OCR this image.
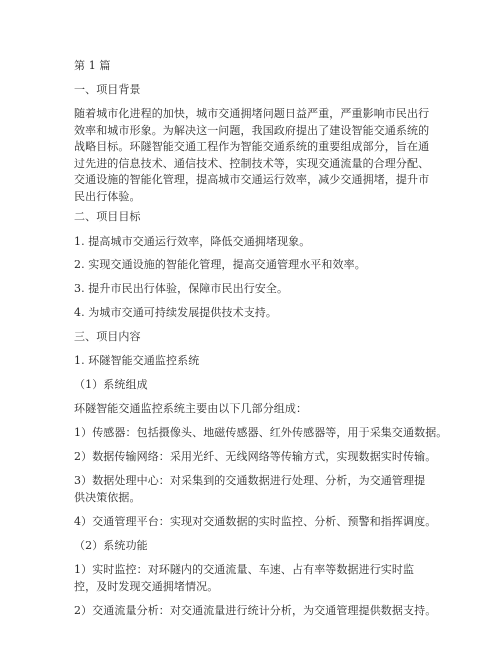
第 1 篇
一、项目背景
随着城市化进程的加快，城市交通拥堵问题日益严重，严重影响市民出行效率和城市形象。为解决这一问题，我国政府提出了建设智能交通系统的战略目标。环隧智能交通工程作为智能交通系统的重要组成部分，旨在通过先进的信息技术、通信技术、控制技术等，实现交通流量的合理分配、交通设施的智能化管理，提高城市交通运行效率，减少交通拥堵，提升市民出行体验。
二、项目目标
1. 提高城市交通运行效率，降低交通拥堵现象。
2. 实现交通设施的智能化管理，提高交通管理水平和效率。
3. 提升市民出行体验，保障市民出行安全。
4. 为城市交通可持续发展提供技术支持。
三、项目内容
1. 环隧智能交通监控系统
（1）系统组成
环隧智能交通监控系统主要由以下几部分组成：
1）传感器：包括摄像头、地磁传感器、红外传感器等，用于采集交通数据。
2）数据传输网络：采用光纤、无线网络等传输方式，实现数据实时传输。
3）数据处理中心：对采集到的交通数据进行处理、分析，为交通管理提供决策依据。
4）交通管理平台：实现对交通数据的实时监控、分析、预警和指挥调度。
（2）系统功能
1）实时监控：对环隧内的交通流量、车速、占有率等数据进行实时监控，及时发现交通拥堵情况。
2）交通流量分析：对交通流量进行统计分析，为交通管理提供数据支持。
